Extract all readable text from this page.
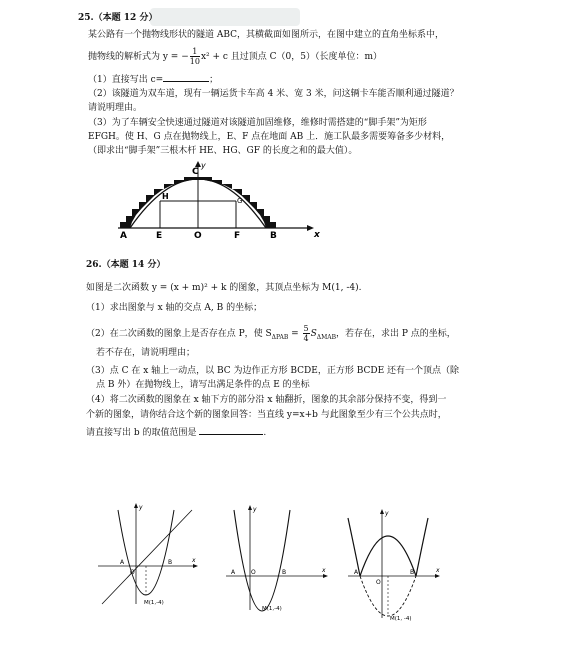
25.（本题 12 分）
某公路有一个抛物线形状的隧道 ABC，其横截面如图所示，在图中建立的直角坐标系中，
抛物线的解析式为 y = − $\frac{1}{10} x^2 + c$ 且过顶点 C（0，5）（长度单位：m）
（1）直接写出 c=	；
（2）该隧道为双车道，现有一辆运货卡车高 4 米、宽 3 米，问这辆卡车能否顺利通过隧道？
请说明理由。
（3）为了车辆安全快速通过隧道对该隧道加固维修，维修时需搭建的“脚手架”为矩形
EFGH。使 H、G 点在抛物线上，E、F 点在地面 AB 上．施工队最多需要筹备多少材料，
（即求出“脚手架”三根木杆 HE、HG、GF 的长度之和的最大值）。
C
y
H	G
A	E	O	F	B	x
26.（本题 14 分）
如图是二次函数 y = (x + m)² + k 的图象，其顶点坐标为 M(1, -4).
（1）求出图象与 x 轴的交点 A, B 的坐标；
（2）在二次函数的图象上是否存在点 P，使 $S_{\Delta PAB} = \frac{5}{4} S_{\Delta MAB}$，若存在，求出 P 点的坐标，
若不存在，请说明理由；
（3）点 C 在 x 轴上一动点，以 BC 为边作正方形 BCDE，正方形 BCDE 还有一个顶点（除
点 B 外）在抛物线上，请写出满足条件的点 E 的坐标
（4）将二次函数的图象在 x 轴下方的部分沿 x 轴翻折，图象的其余部分保持不变，得到一
个新的图象，请你结合这个新的图象回答：当直线 y=x+b 与此图象至少有三个公共点时，
请直接写出 b 的取值范围是	.
A
O
B	x
y
M(1,-4)
A	O	B	x
y
M(1,-4)
A
O
B	x
y
M(1, -4)
